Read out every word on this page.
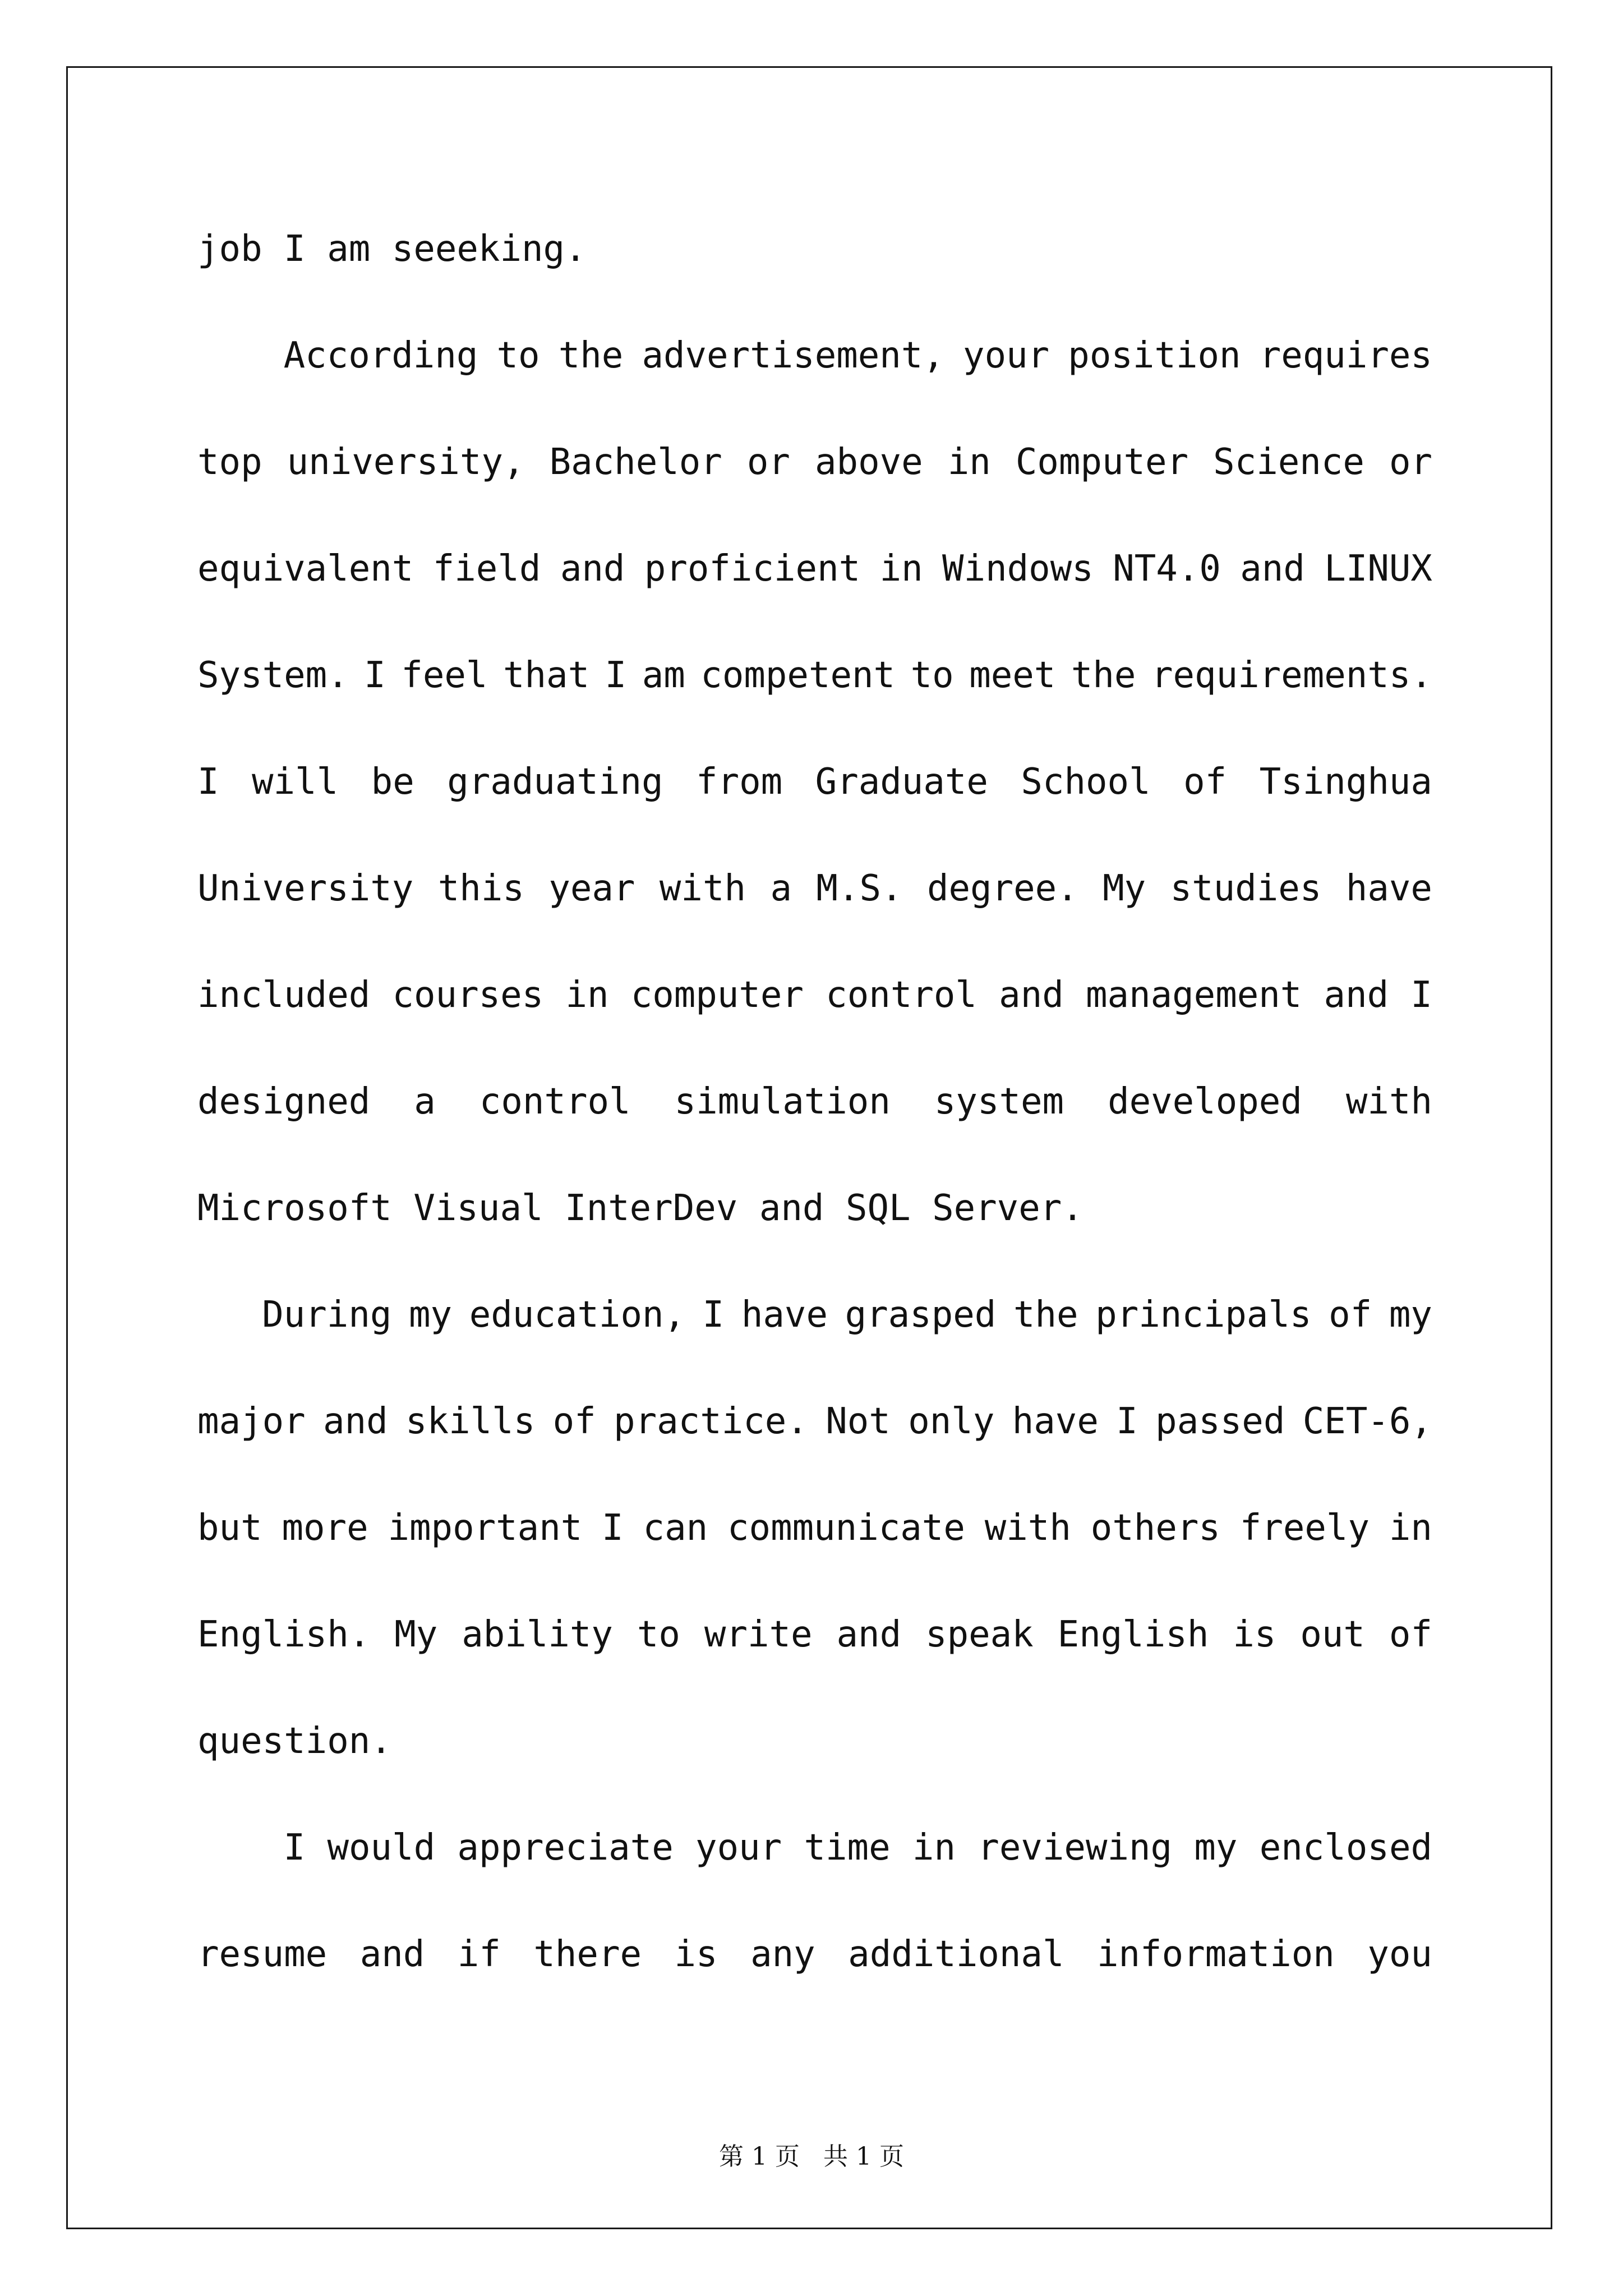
job I am seeeking.
According to the advertisement, your position requires
top university, Bachelor or above in Computer Science or
equivalent field and proficient in Windows NT4.0 and LINUX
System. I feel that I am competent to meet the requirements.
I will be graduating from Graduate School of Tsinghua
University this year with a M.S. degree. My studies have
included courses in computer control and management and I
designed a control simulation system developed with
Microsoft Visual InterDev and SQL Server.
During my education, I have grasped the principals of my
major and skills of practice. Not only have I passed CET-6,
but more important I can communicate with others freely in
English. My ability to write and speak English is out of
question.
I would appreciate your time in reviewing my enclosed
resume and if there is any additional information you
第 1 页   共 1 页
